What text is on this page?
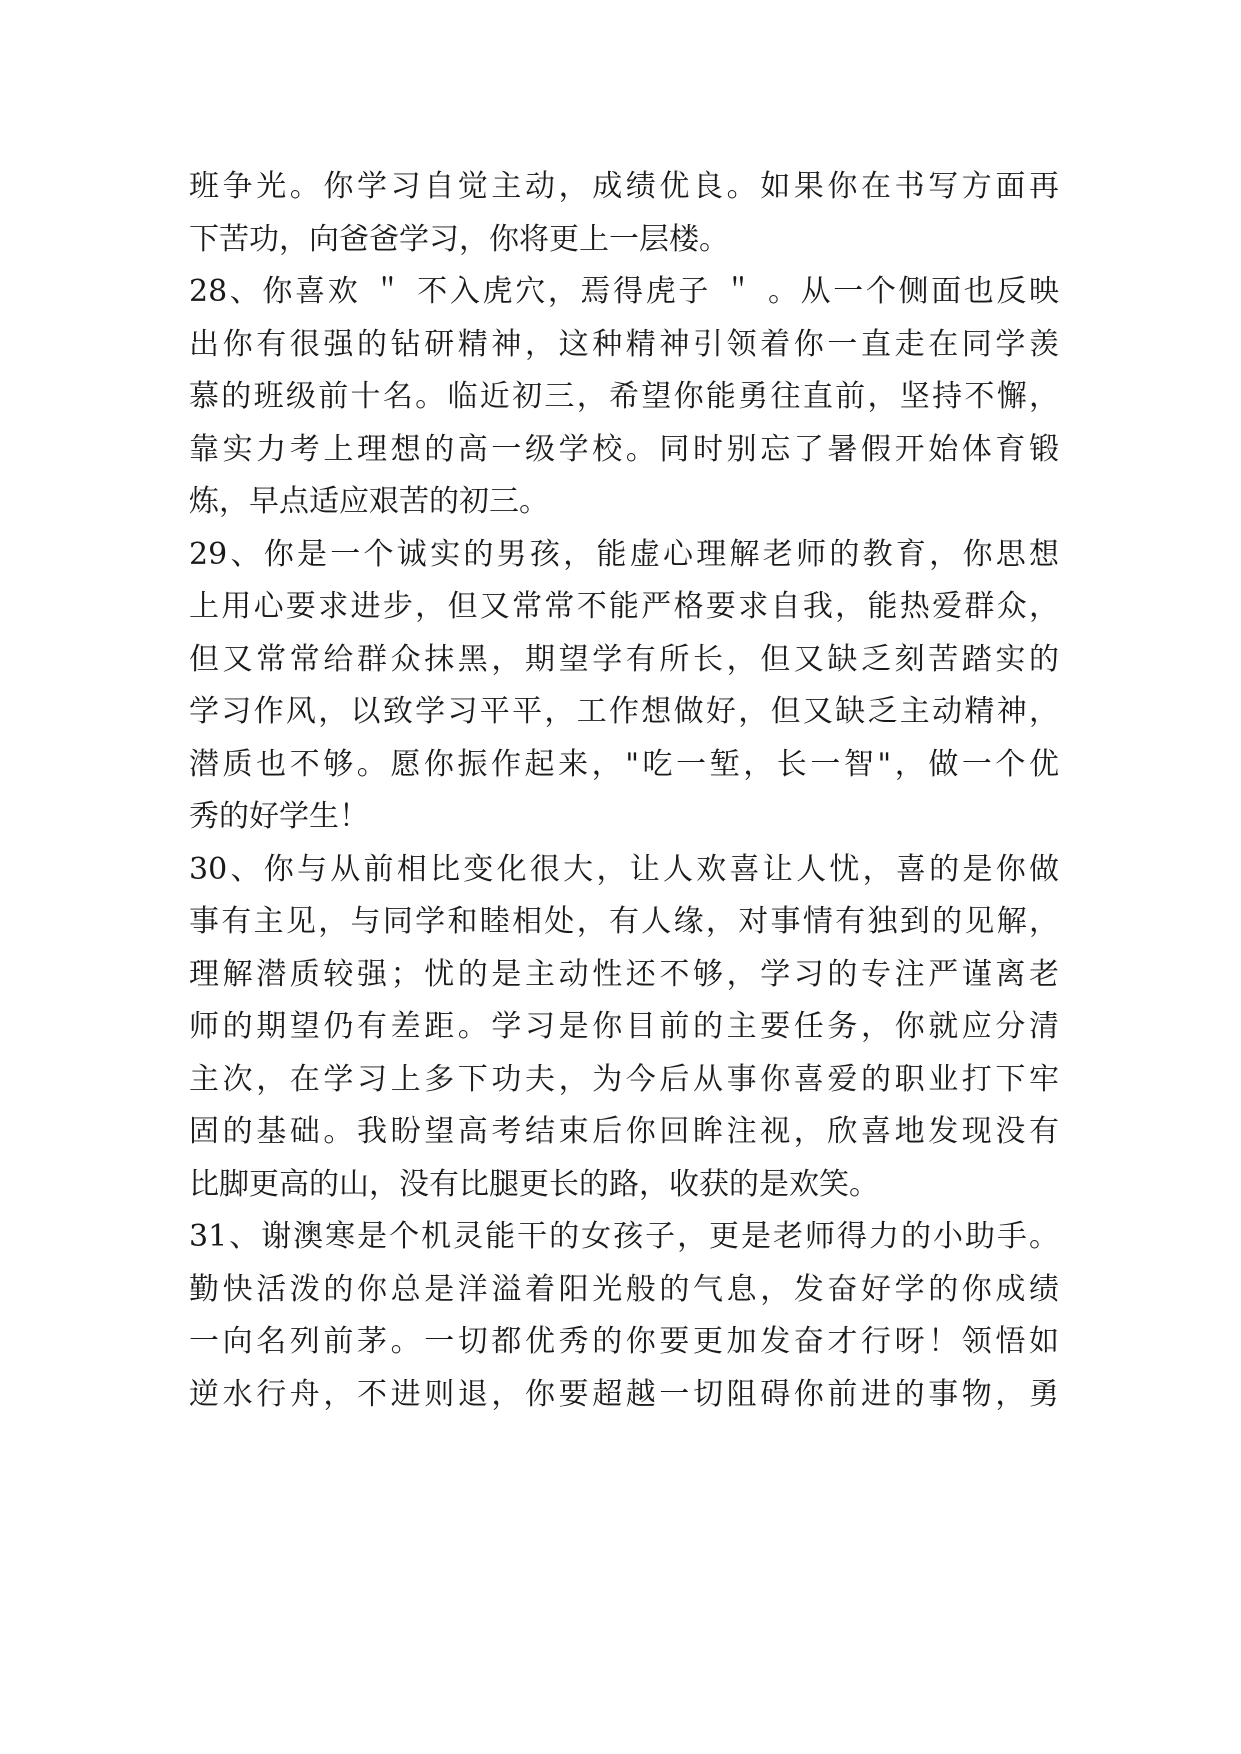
班争光。你学习自觉主动，成绩优良。如果你在书写方面再
下苦功，向爸爸学习，你将更上一层楼。
28、你喜欢 ＂ 不入虎穴，焉得虎子 ＂ 。从一个侧面也反映
出你有很强的钻研精神，这种精神引领着你一直走在同学羡
慕的班级前十名。临近初三，希望你能勇往直前，坚持不懈，
靠实力考上理想的高一级学校。同时别忘了暑假开始体育锻
炼，早点适应艰苦的初三。
29、你是一个诚实的男孩，能虚心理解老师的教育，你思想
上用心要求进步，但又常常不能严格要求自我，能热爱群众，
但又常常给群众抹黑，期望学有所长，但又缺乏刻苦踏实的
学习作风，以致学习平平，工作想做好，但又缺乏主动精神，
潜质也不够。愿你振作起来，"吃一堑，长一智"，做一个优
秀的好学生！
30、你与从前相比变化很大，让人欢喜让人忧，喜的是你做
事有主见，与同学和睦相处，有人缘，对事情有独到的见解，
理解潜质较强；忧的是主动性还不够，学习的专注严谨离老
师的期望仍有差距。学习是你目前的主要任务，你就应分清
主次，在学习上多下功夫，为今后从事你喜爱的职业打下牢
固的基础。我盼望高考结束后你回眸注视，欣喜地发现没有
比脚更高的山，没有比腿更长的路，收获的是欢笑。
31、谢澳寒是个机灵能干的女孩子，更是老师得力的小助手。
勤快活泼的你总是洋溢着阳光般的气息，发奋好学的你成绩
一向名列前茅。一切都优秀的你要更加发奋才行呀！领悟如
逆水行舟，不进则退，你要超越一切阻碍你前进的事物，勇
